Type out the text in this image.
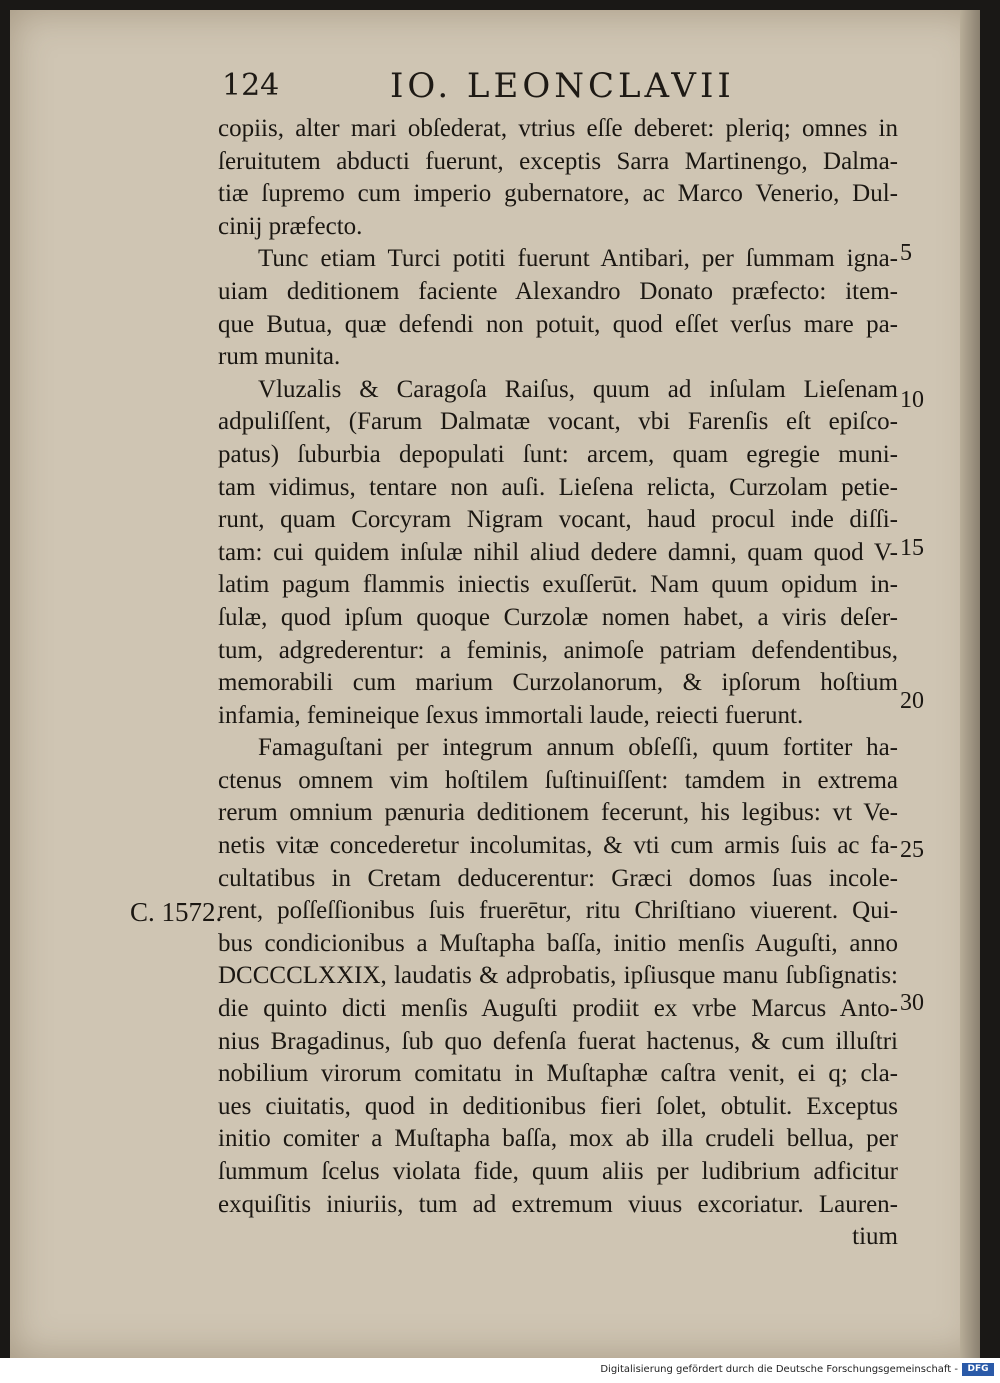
124	IO. LEONCLAVII
copiis, alter mari obſederat, vtrius eſſe deberet: pleriq; omnes in
ſeruitutem abducti fuerunt, exceptis Sarra Martinengo, Dalma-
tiæ ſupremo cum imperio gubernatore, ac Marco Venerio, Dul-
cinij præfecto.
Tunc etiam Turci potiti fuerunt Antibari, per ſummam igna-
uiam deditionem faciente Alexandro Donato præfecto: item-
que Butua, quæ defendi non potuit, quod eſſet verſus mare pa-
rum munita.
Vluzalis & Caragoſa Raiſus, quum ad inſulam Lieſenam
adpuliſſent, (Farum Dalmatæ vocant, vbi Farenſis eſt epiſco-
patus) ſuburbia depopulati ſunt: arcem, quam egregie muni-
tam vidimus, tentare non auſi. Lieſena relicta, Curzolam petie-
runt, quam Corcyram Nigram vocant, haud procul inde diſſi-
tam: cui quidem inſulæ nihil aliud dedere damni, quam quod V-
latim pagum flammis iniectis exuſſerūt. Nam quum opidum in-
ſulæ, quod ipſum quoque Curzolæ nomen habet, a viris deſer-
tum, adgrederentur: a feminis, animoſe patriam defendentibus,
memorabili cum marium Curzolanorum, & ipſorum hoſtium
infamia, femineique ſexus immortali laude, reiecti fuerunt.
Famaguſtani per integrum annum obſeſſi, quum fortiter ha-
ctenus omnem vim hoſtilem ſuſtinuiſſent: tamdem in extrema
rerum omnium pænuria deditionem fecerunt, his legibus: vt Ve-
netis vitæ concederetur incolumitas, & vti cum armis ſuis ac fa-
cultatibus in Cretam deducerentur: Græci domos ſuas incole-
rent, poſſeſſionibus ſuis fruerētur, ritu Chriſtiano viuerent. Qui-
bus condicionibus a Muſtapha baſſa, initio menſis Auguſti, anno
DCCCCLXXIX, laudatis & adprobatis, ipſiusque manu ſubſignatis:
die quinto dicti menſis Auguſti prodiit ex vrbe Marcus Anto-
nius Bragadinus, ſub quo defenſa fuerat hactenus, & cum illuſtri
nobilium virorum comitatu in Muſtaphæ caſtra venit, ei q; cla-
ues ciuitatis, quod in deditionibus fieri ſolet, obtulit. Exceptus
initio comiter a Muſtapha baſſa, mox ab illa crudeli bellua, per
ſummum ſcelus violata fide, quum aliis per ludibrium adficitur
exquiſitis iniuriis, tum ad extremum viuus excoriatur. Lauren-
tium
5
10
15
20
25
30
C. 1572.
Digitalisierung gefördert durch die Deutsche Forschungsgemeinschaft -	DFG
